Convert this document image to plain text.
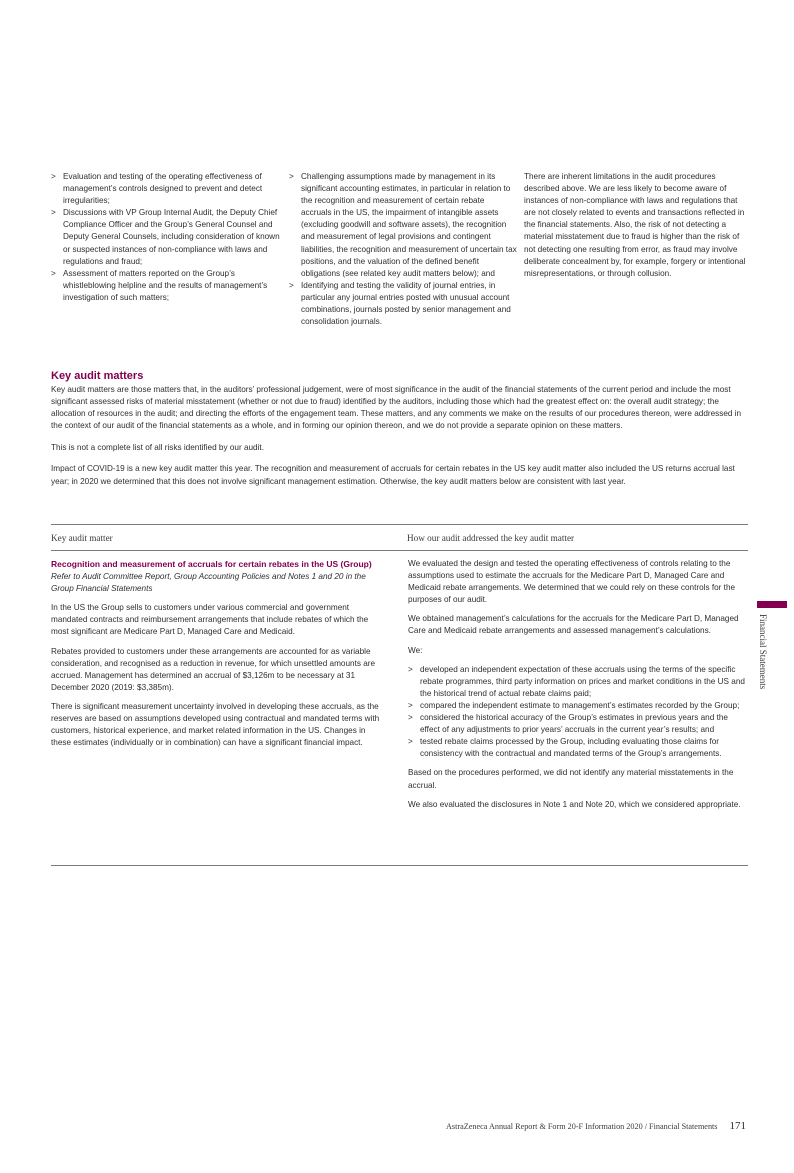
> Evaluation and testing of the operating effectiveness of management’s controls designed to prevent and detect irregularities;
> Discussions with VP Group Internal Audit, the Deputy Chief Compliance Officer and the Group’s General Counsel and Deputy General Counsels, including consideration of known or suspected instances of non-compliance with laws and regulations and fraud;
> Assessment of matters reported on the Group’s whistleblowing helpline and the results of management’s investigation of such matters;
> Challenging assumptions made by management in its significant accounting estimates, in particular in relation to the recognition and measurement of certain rebate accruals in the US, the impairment of intangible assets (excluding goodwill and software assets), the recognition and measurement of legal provisions and contingent liabilities, the recognition and measurement of uncertain tax positions, and the valuation of the defined benefit obligations (see related key audit matters below); and
> Identifying and testing the validity of journal entries, in particular any journal entries posted with unusual account combinations, journals posted by senior management and consolidation journals.

There are inherent limitations in the audit procedures described above. We are less likely to become aware of instances of non-compliance with laws and regulations that are not closely related to events and transactions reflected in the financial statements. Also, the risk of not detecting a material misstatement due to fraud is higher than the risk of not detecting one resulting from error, as fraud may involve deliberate concealment by, for example, forgery or intentional misrepresentations, or through collusion.

Key audit matters

Key audit matters are those matters that, in the auditors’ professional judgement, were of most significance in the audit of the financial statements of the current period and include the most significant assessed risks of material misstatement (whether or not due to fraud) identified by the auditors, including those which had the greatest effect on: the overall audit strategy; the allocation of resources in the audit; and directing the efforts of the engagement team. These matters, and any comments we make on the results of our procedures thereon, were addressed in the context of our audit of the financial statements as a whole, and in forming our opinion thereon, and we do not provide a separate opinion on these matters.

This is not a complete list of all risks identified by our audit.

Impact of COVID-19 is a new key audit matter this year. The recognition and measurement of accruals for certain rebates in the US key audit matter also included the US returns accrual last year; in 2020 we determined that this does not involve significant management estimation. Otherwise, the key audit matters below are consistent with last year.

Key audit matter	How our audit addressed the key audit matter

Recognition and measurement of accruals for certain rebates in the US (Group)

Refer to Audit Committee Report, Group Accounting Policies and Notes 1 and 20 in the Group Financial Statements

In the US the Group sells to customers under various commercial and government mandated contracts and reimbursement arrangements that include rebates of which the most significant are Medicare Part D, Managed Care and Medicaid.

Rebates provided to customers under these arrangements are accounted for as variable consideration, and recognised as a reduction in revenue, for which unsettled amounts are accrued. Management has determined an accrual of $3,126m to be necessary at 31 December 2020 (2019: $3,385m).

There is significant measurement uncertainty involved in developing these accruals, as the reserves are based on assumptions developed using contractual and mandated terms with customers, historical experience, and market related information in the US. Changes in these estimates (individually or in combination) can have a significant financial impact.

We evaluated the design and tested the operating effectiveness of controls relating to the assumptions used to estimate the accruals for the Medicare Part D, Managed Care and Medicaid rebate arrangements. We determined that we could rely on these controls for the purposes of our audit.

We obtained management’s calculations for the accruals for the Medicare Part D, Managed Care and Medicaid rebate arrangements and assessed management’s calculations.

We:

> developed an independent expectation of these accruals using the terms of the specific rebate programmes, third party information on prices and market conditions in the US and the historical trend of actual rebate claims paid;
> compared the independent estimate to management’s estimates recorded by the Group;
> considered the historical accuracy of the Group’s estimates in previous years and the effect of any adjustments to prior years’ accruals in the current year’s results; and
> tested rebate claims processed by the Group, including evaluating those claims for consistency with the contractual and mandated terms of the Group’s arrangements.

Based on the procedures performed, we did not identify any material misstatements in the accrual.

We also evaluated the disclosures in Note 1 and Note 20, which we considered appropriate.

Financial Statements
AstraZeneca Annual Report & Form 20-F Information 2020 / Financial Statements 171
